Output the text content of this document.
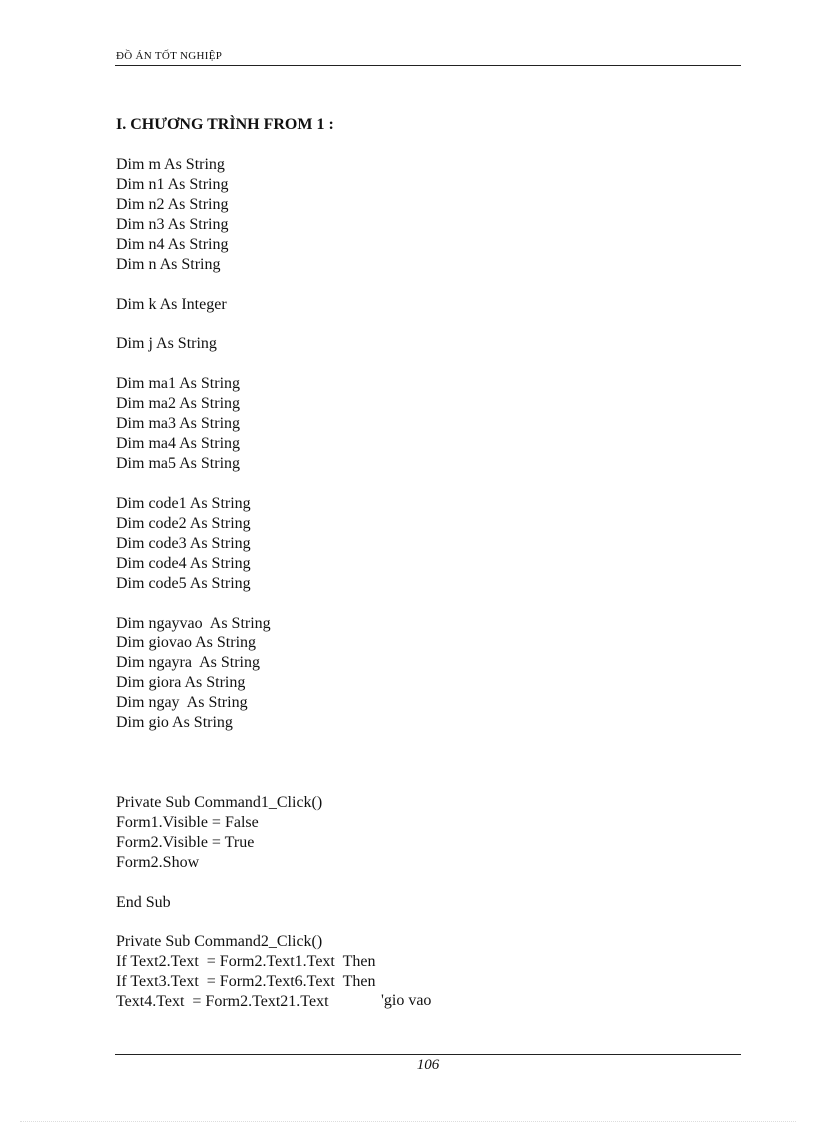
ĐỒ ÁN TỐT NGHIỆP
I. CHƯƠNG TRÌNH FROM 1 :
Dim m As String
Dim n1 As String
Dim n2 As String
Dim n3 As String
Dim n4 As String
Dim n As String
Dim k As Integer
Dim j As String
Dim ma1 As String
Dim ma2 As String
Dim ma3 As String
Dim ma4 As String
Dim ma5 As String
Dim code1 As String
Dim code2 As String
Dim code3 As String
Dim code4 As String
Dim code5 As String
Dim ngayvao  As String
Dim giovao As String
Dim ngayra  As String
Dim giora As String
Dim ngay  As String
Dim gio As String
Private Sub Command1_Click()
Form1.Visible = False
Form2.Visible = True
Form2.Show
End Sub
Private Sub Command2_Click()
If Text2.Text  = Form2.Text1.Text  Then
If Text3.Text  = Form2.Text6.Text  Then
Text4.Text  = Form2.Text21.Text	'gio vao
106
